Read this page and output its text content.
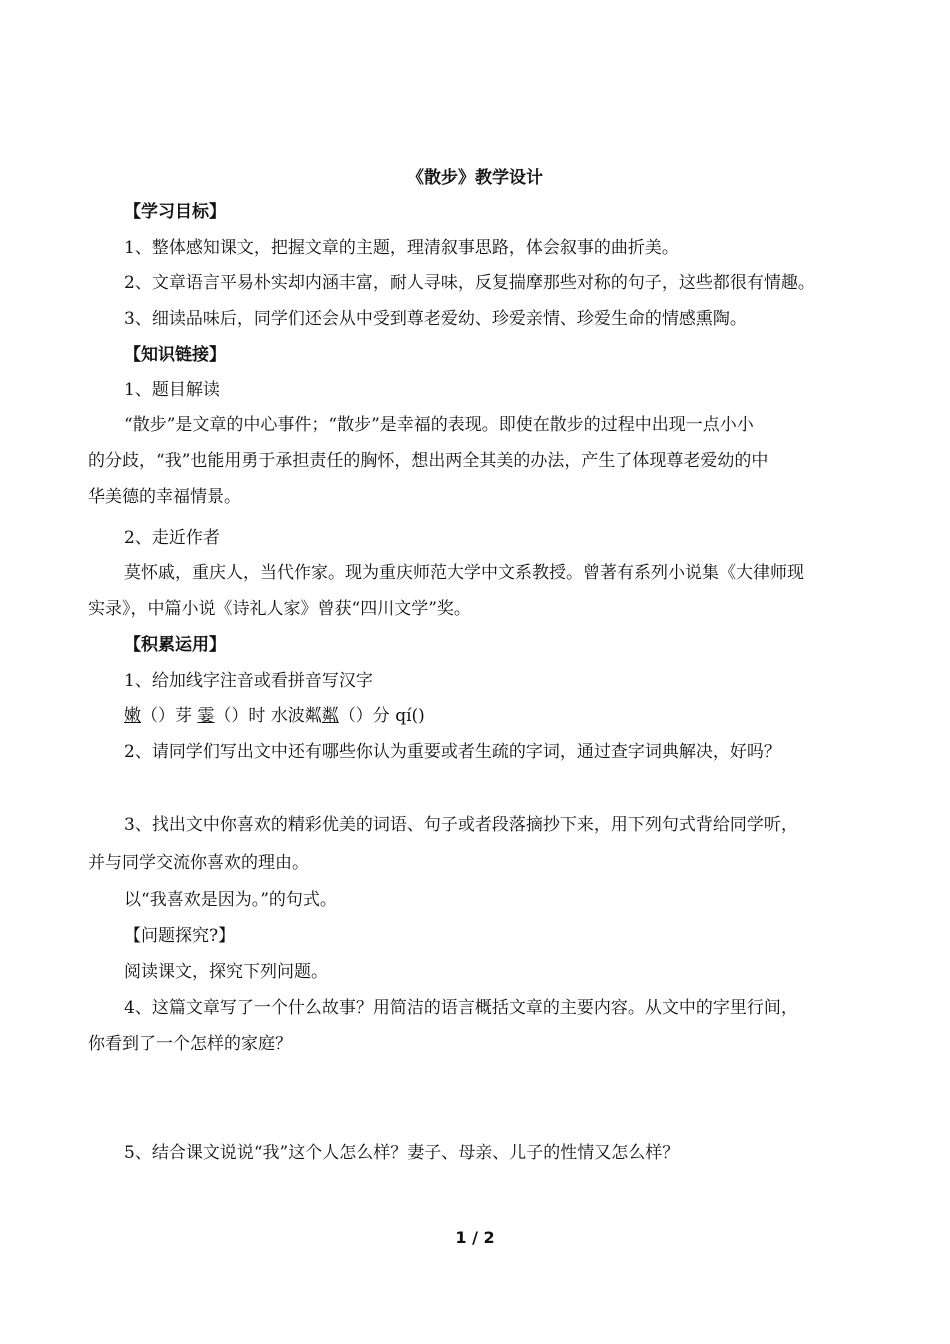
《散步》教学设计
【学习目标】
1、整体感知课文，把握文章的主题，理清叙事思路，体会叙事的曲折美。
2、文章语言平易朴实却内涵丰富，耐人寻味，反复揣摩那些对称的句子，这些都很有情趣。
3、细读品味后，同学们还会从中受到尊老爱幼、珍爱亲情、珍爱生命的情感熏陶。
【知识链接】
1、题目解读
“散步”是文章的中心事件；“散步”是幸福的表现。即使在散步的过程中出现一点小小
的分歧，“我”也能用勇于承担责任的胸怀，想出两全其美的办法，产生了体现尊老爱幼的中
华美德的幸福情景。
2、走近作者
莫怀戚，重庆人，当代作家。现为重庆师范大学中文系教授。曾著有系列小说集《大律师现
实录》，中篇小说《诗礼人家》曾获“四川文学”奖。
【积累运用】
1、给加线字注音或看拼音写汉字
嫩（）芽 霎（）时 水波粼粼（）分 qí()
2、请同学们写出文中还有哪些你认为重要或者生疏的字词，通过查字词典解决，好吗？
3、找出文中你喜欢的精彩优美的词语、句子或者段落摘抄下来，用下列句式背给同学听，
并与同学交流你喜欢的理由。
以“我喜欢是因为。”的句式。
【问题探究?】
阅读课文，探究下列问题。
4、这篇文章写了一个什么故事？用简洁的语言概括文章的主要内容。从文中的字里行间，
你看到了一个怎样的家庭？
5、结合课文说说“我”这个人怎么样？妻子、母亲、儿子的性情又怎么样？
1 / 2
